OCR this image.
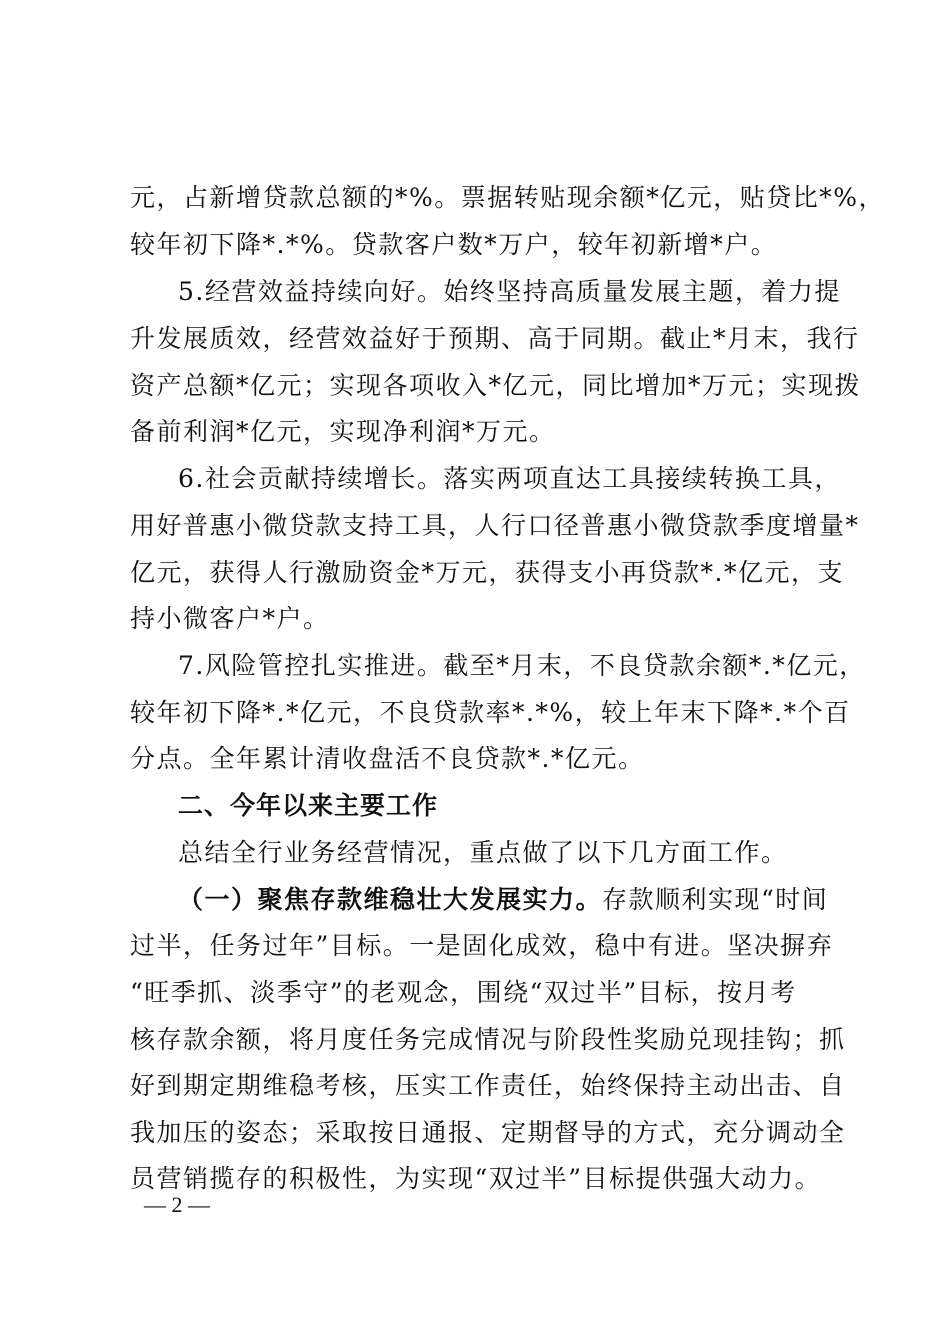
元，占新增贷款总额的*%。票据转贴现余额*亿元，贴贷比*%，
较年初下降*.*%。贷款客户数*万户，较年初新增*户。
5.经营效益持续向好。始终坚持高质量发展主题，着力提
升发展质效，经营效益好于预期、高于同期。截止*月末，我行
资产总额*亿元；实现各项收入*亿元，同比增加*万元；实现拨
备前利润*亿元，实现净利润*万元。
6.社会贡献持续增长。落实两项直达工具接续转换工具，
用好普惠小微贷款支持工具，人行口径普惠小微贷款季度增量*
亿元，获得人行激励资金*万元，获得支小再贷款*.*亿元，支
持小微客户*户。
7.风险管控扎实推进。截至*月末，不良贷款余额*.*亿元，
较年初下降*.*亿元，不良贷款率*.*%，较上年末下降*.*个百
分点。全年累计清收盘活不良贷款*.*亿元。
二、今年以来主要工作
总结全行业务经营情况，重点做了以下几方面工作。
（一）聚焦存款维稳壮大发展实力。存款顺利实现“时间
过半，任务过年”目标。一是固化成效，稳中有进。坚决摒弃
“旺季抓、淡季守”的老观念，围绕“双过半”目标，按月考
核存款余额，将月度任务完成情况与阶段性奖励兑现挂钩；抓
好到期定期维稳考核，压实工作责任，始终保持主动出击、自
我加压的姿态；采取按日通报、定期督导的方式，充分调动全
员营销揽存的积极性，为实现“双过半”目标提供强大动力。
— 2 —
